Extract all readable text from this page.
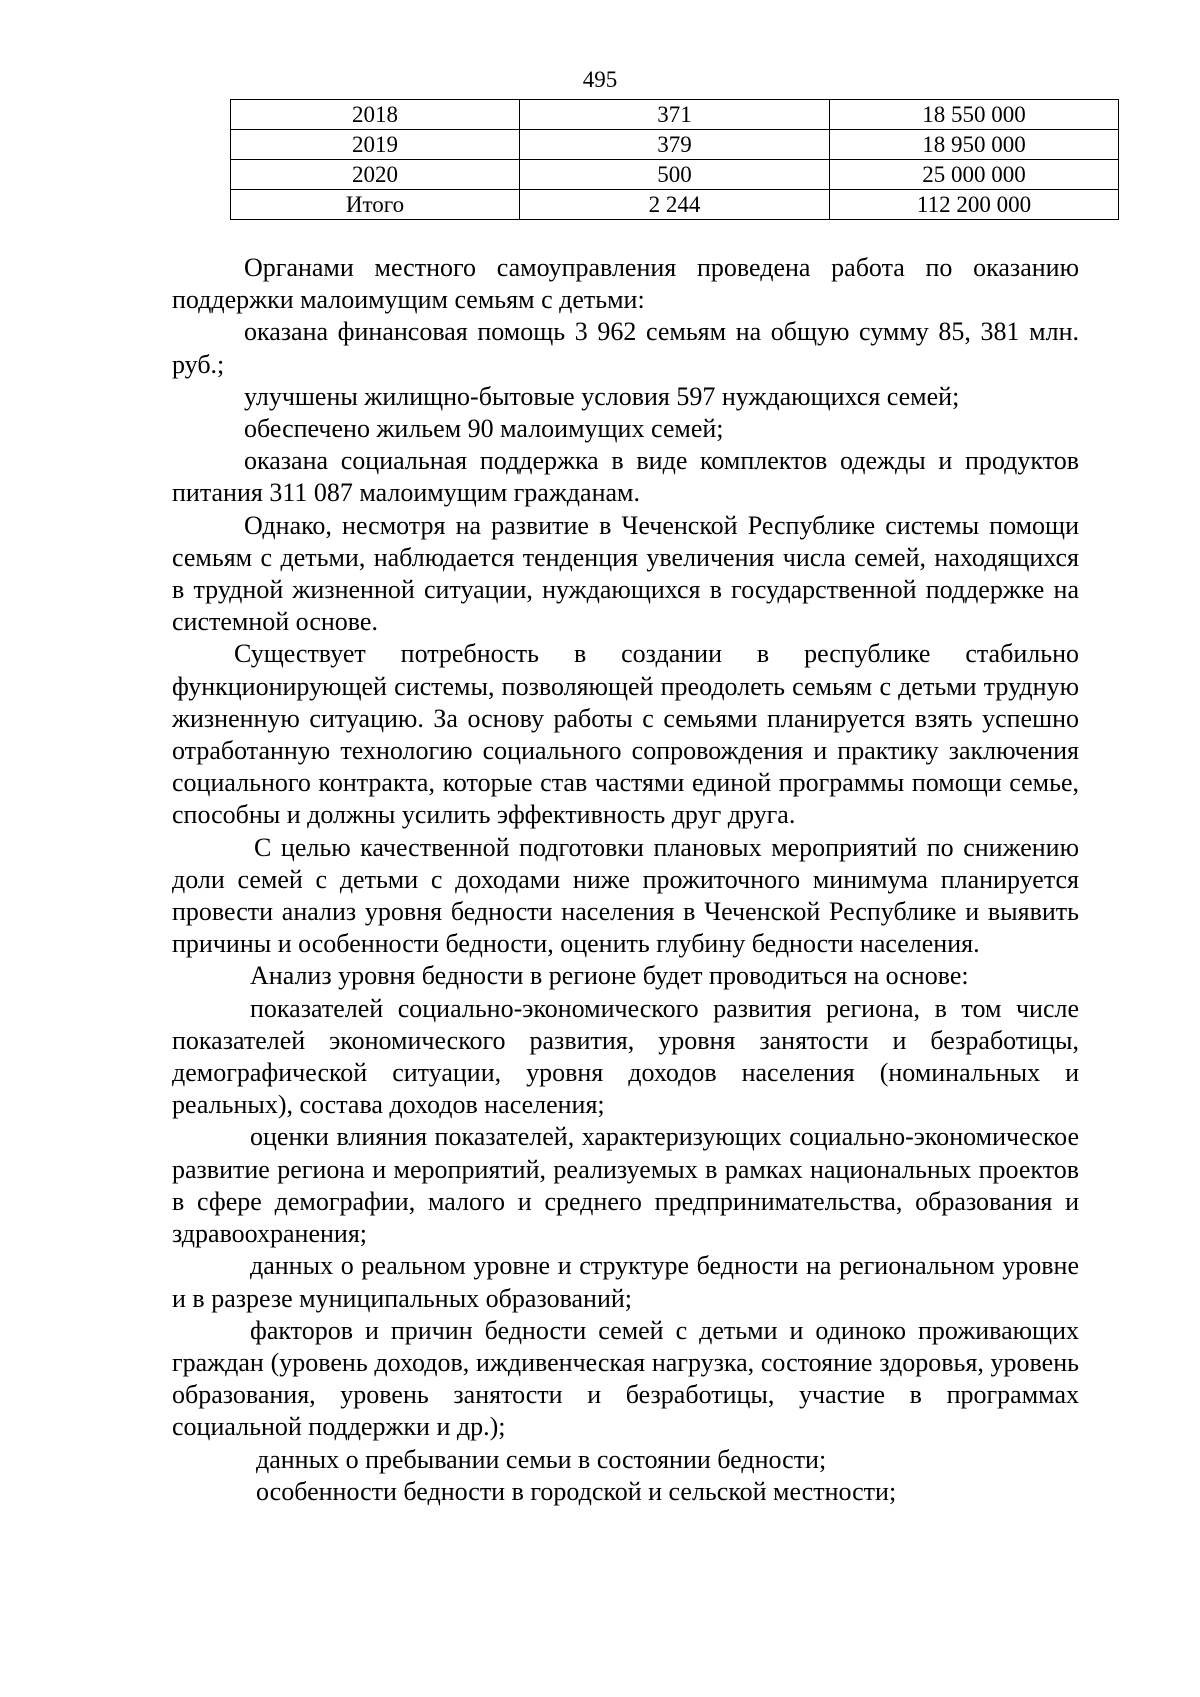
495
2018	371	18 550 000
2019	379	18 950 000
2020	500	25 000 000
Итого	2 244	112 200 000

Органами местного самоуправления проведена работа по оказанию поддержки малоимущим семьям с детьми:

оказана финансовая помощь 3 962 семьям на общую сумму 85, 381 млн. руб.;

улучшены жилищно-бытовые условия 597 нуждающихся семей;

обеспечено жильем 90 малоимущих семей;

оказана социальная поддержка в виде комплектов одежды и продуктов питания 311 087 малоимущим гражданам.

Однако, несмотря на развитие в Чеченской Республике системы помощи семьям с детьми, наблюдается тенденция увеличения числа семей, находящихся в трудной жизненной ситуации, нуждающихся в государственной поддержке на системной основе.

Существует потребность в создании в республике стабильно функционирующей системы, позволяющей преодолеть семьям с детьми трудную жизненную ситуацию. За основу работы с семьями планируется взять успешно отработанную технологию социального сопровождения и практику заключения социального контракта, которые став частями единой программы помощи семье, способны и должны усилить эффективность друг друга.

С целью качественной подготовки плановых мероприятий по снижению доли семей с детьми с доходами ниже прожиточного минимума планируется провести анализ уровня бедности населения в Чеченской Республике и выявить причины и особенности бедности, оценить глубину бедности населения.

Анализ уровня бедности в регионе будет проводиться на основе:

показателей социально-экономического развития региона, в том числе показателей экономического развития, уровня занятости и безработицы, демографической ситуации, уровня доходов населения (номинальных и реальных), состава доходов населения;

оценки влияния показателей, характеризующих социально-экономическое развитие региона и мероприятий, реализуемых в рамках национальных проектов в сфере демографии, малого и среднего предпринимательства, образования и здравоохранения;

данных о реальном уровне и структуре бедности на региональном уровне и в разрезе муниципальных образований;

факторов и причин бедности семей с детьми и одиноко проживающих граждан (уровень доходов, иждивенческая нагрузка, состояние здоровья, уровень образования, уровень занятости и безработицы, участие в программах социальной поддержки и др.);

данных о пребывании семьи в состоянии бедности;

особенности бедности в городской и сельской местности;
